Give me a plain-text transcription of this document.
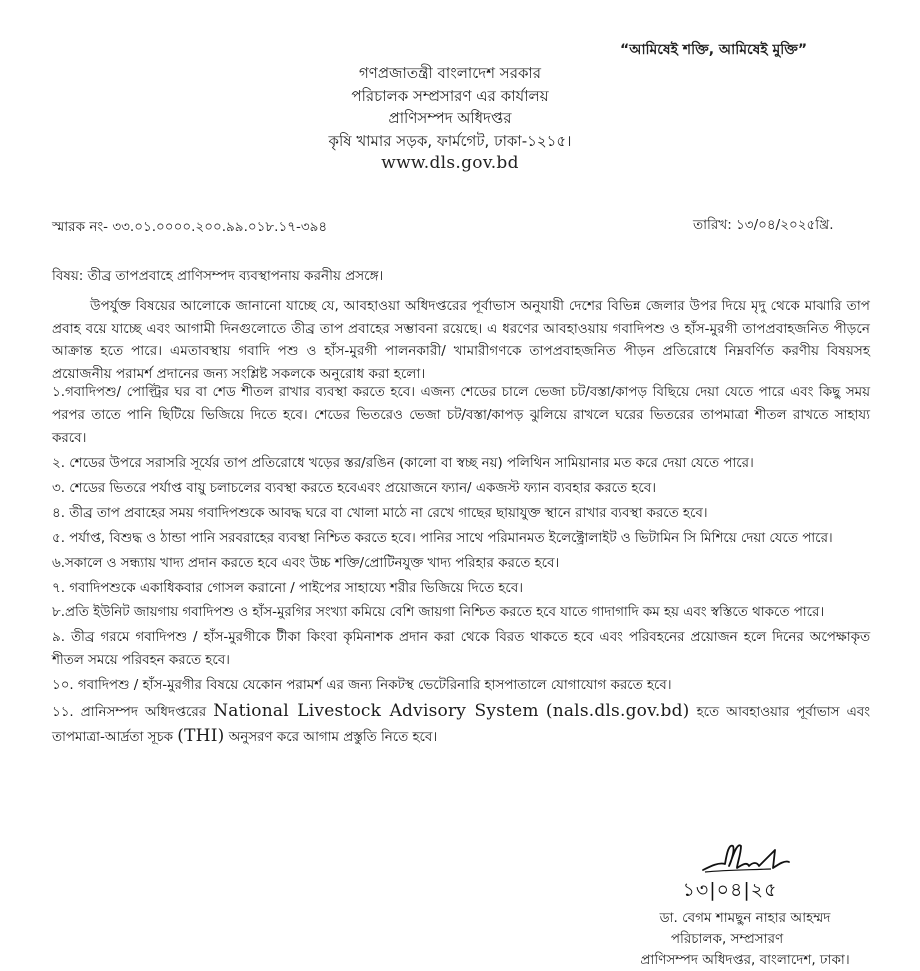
“আমিষেই শক্তি, আমিষেই মুক্তি”
গণপ্রজাতন্ত্রী বাংলাদেশ সরকার
পরিচালক সম্প্রসারণ এর কার্যালয়
প্রাণিসম্পদ অধিদপ্তর
কৃষি খামার সড়ক, ফার্মগেট, ঢাকা-১২১৫।
www.dls.gov.bd
স্মারক নং- ৩৩.০১.০০০০.২০০.৯৯.০১৮.১৭-৩৯৪	তারিখ: ১৩/০৪/২০২৫খ্রি.
বিষয়: তীব্র তাপপ্রবাহে প্রাণিসম্পদ ব্যবস্থাপনায় করনীয় প্রসঙ্গে।

উপর্যুক্ত বিষয়ের আলোকে জানানো যাচ্ছে যে, আবহাওয়া অধিদপ্তরের পূর্বাভাস অনুযায়ী দেশের বিভিন্ন জেলার উপর দিয়ে মৃদু থেকে মাঝারি তাপ প্রবাহ বয়ে যাচ্ছে এবং আগামী দিনগুলোতে তীব্র তাপ প্রবাহের সম্ভাবনা রয়েছে। এ ধরণের আবহাওয়ায় গবাদিপশু ও হাঁস-মুরগী তাপপ্রবাহজনিত পীড়নে আক্রান্ত হতে পারে। এমতাবস্থায় গবাদি পশু ও হাঁস-মুরগী পালনকারী/ খামারীগণকে তাপপ্রবাহজনিত পীড়ন প্রতিরোধে নিম্নবর্ণিত করণীয় বিষয়সহ প্রয়োজনীয় পরামর্শ প্রদানের জন্য সংশ্লিষ্ট সকলকে অনুরোধ করা হলো।

১.গবাদিপশু/ পোল্ট্রির ঘর বা শেড শীতল রাখার ব্যবস্থা করতে হবে। এজন্য শেডের চালে ভেজা চট/বস্তা/কাপড় বিছিয়ে দেয়া যেতে পারে এবং কিছু সময় পরপর তাতে পানি ছিটিয়ে ভিজিয়ে দিতে হবে। শেডের ভিতরেও ভেজা চট/বস্তা/কাপড় ঝুলিয়ে রাখলে ঘরের ভিতরের তাপমাত্রা শীতল রাখতে সাহায্য করবে।
২. শেডের উপরে সরাসরি সূর্যের তাপ প্রতিরোধে খড়ের স্তর/রঙিন (কালো বা স্বচ্ছ নয়) পলিথিন সামিয়ানার মত করে দেয়া যেতে পারে।
৩. শেডের ভিতরে পর্যাপ্ত বায়ু চলাচলের ব্যবস্থা করতে হবেএবং প্রয়োজনে ফ্যান/ একজস্ট ফ্যান ব্যবহার করতে হবে।
৪. তীব্র তাপ প্রবাহের সময় গবাদিপশুকে আবদ্ধ ঘরে বা খোলা মাঠে না রেখে গাছের ছায়াযুক্ত স্থানে রাখার ব্যবস্থা করতে হবে।
৫. পর্যাপ্ত, বিশুদ্ধ ও ঠান্ডা পানি সরবরাহের ব্যবস্থা নিশ্চিত করতে হবে। পানির সাথে পরিমানমত ইলেক্ট্রোলাইট ও ভিটামিন সি মিশিয়ে দেয়া যেতে পারে।
৬.সকালে ও সন্ধ্যায় খাদ্য প্রদান করতে হবে এবং উচ্চ শক্তি/প্রোটিনযুক্ত খাদ্য পরিহার করতে হবে।
৭. গবাদিপশুকে একাধিকবার গোসল করানো / পাইপের সাহায্যে শরীর ভিজিয়ে দিতে হবে।
৮.প্রতি ইউনিট জায়গায় গবাদিপশু ও হাঁস-মুরগির সংখ্যা কমিয়ে বেশি জায়গা নিশ্চিত করতে হবে যাতে গাদাগাদি কম হয় এবং স্বস্তিতে থাকতে পারে।
৯. তীব্র গরমে গবাদিপশু / হাঁস-মুরগীকে টীকা কিংবা কৃমিনাশক প্রদান করা থেকে বিরত থাকতে হবে এবং পরিবহনের প্রয়োজন হলে দিনের অপেক্ষাকৃত শীতল সময়ে পরিবহন করতে হবে।
১০. গবাদিপশু / হাঁস-মুরগীর বিষয়ে যেকোন পরামর্শ এর জন্য নিকটস্থ ভেটেরিনারি হাসপাতালে যোগাযোগ করতে হবে।
১১. প্রানিসম্পদ অধিদপ্তরের National Livestock Advisory System (nals.dls.gov.bd) হতে আবহাওয়ার পূর্বাভাস এবং তাপমাত্রা-আর্দ্রতা সূচক (THI) অনুসরণ করে আগাম প্রস্তুতি নিতে হবে।
১৩|০৪|২৫
ডা. বেগম শামছুন নাহার আহম্মদ
পরিচালক, সম্প্রসারণ
প্রাণিসম্পদ অধিদপ্তর, বাংলাদেশ, ঢাকা।
